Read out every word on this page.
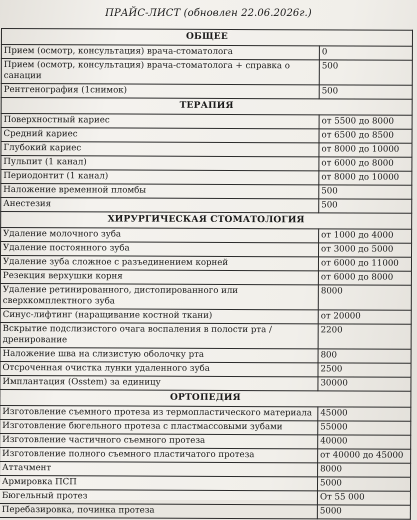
ПРАЙС-ЛИСТ (обновлен 22.06.2026г.)
ОБЩЕЕ	
Прием (осмотр, консультация) врача-стоматолога	0
Прием (осмотр, консультация) врача-стоматолога + справка о санации	500
Рентгенография (1снимок)	500
ТЕРАПИЯ	
Поверхностный кариес	от 5500 до 8000
Средний кариес	от 6500 до 8500
Глубокий кариес	от 8000 до 10000
Пульпит (1 канал)	от 6000 до 8000
Периодонтит (1 канал)	от 8000 до 10000
Наложение временной пломбы	500
Анестезия	500
ХИРУРГИЧЕСКАЯ СТОМАТОЛОГИЯ	
Удаление молочного зуба	от 1000 до 4000
Удаление постоянного зуба	от 3000 до 5000
Удаление зуба сложное с разъединением корней	от 6000 до 11000
Резекция верхушки корня	от 6000 до 8000
Удаление ретинированного, дистопированного или сверхкомплектного зуба	8000
Синус-лифтинг (наращивание костной ткани)	от 20000
Вскрытие подслизистого очага воспаления в полости рта / дренирование	2200
Наложение шва на слизистую оболочку рта	800
Отсроченная очистка лунки удаленного зуба	2500
Имплантация (Osstem) за единицу	30000
ОРТОПЕДИЯ	
Изготовление съемного протеза из термопластического материала	45000
Изготовление бюгельного протеза с пластмассовыми зубами	55000
Изготовление частичного съемного протеза	40000
Изготовление полного съемного пластичатого протеза	от 40000 до 45000
Аттачмент	8000
Армировка ПСП	5000
Бюгельный протез	От 55 000
Перебазировка, починка протеза	5000
